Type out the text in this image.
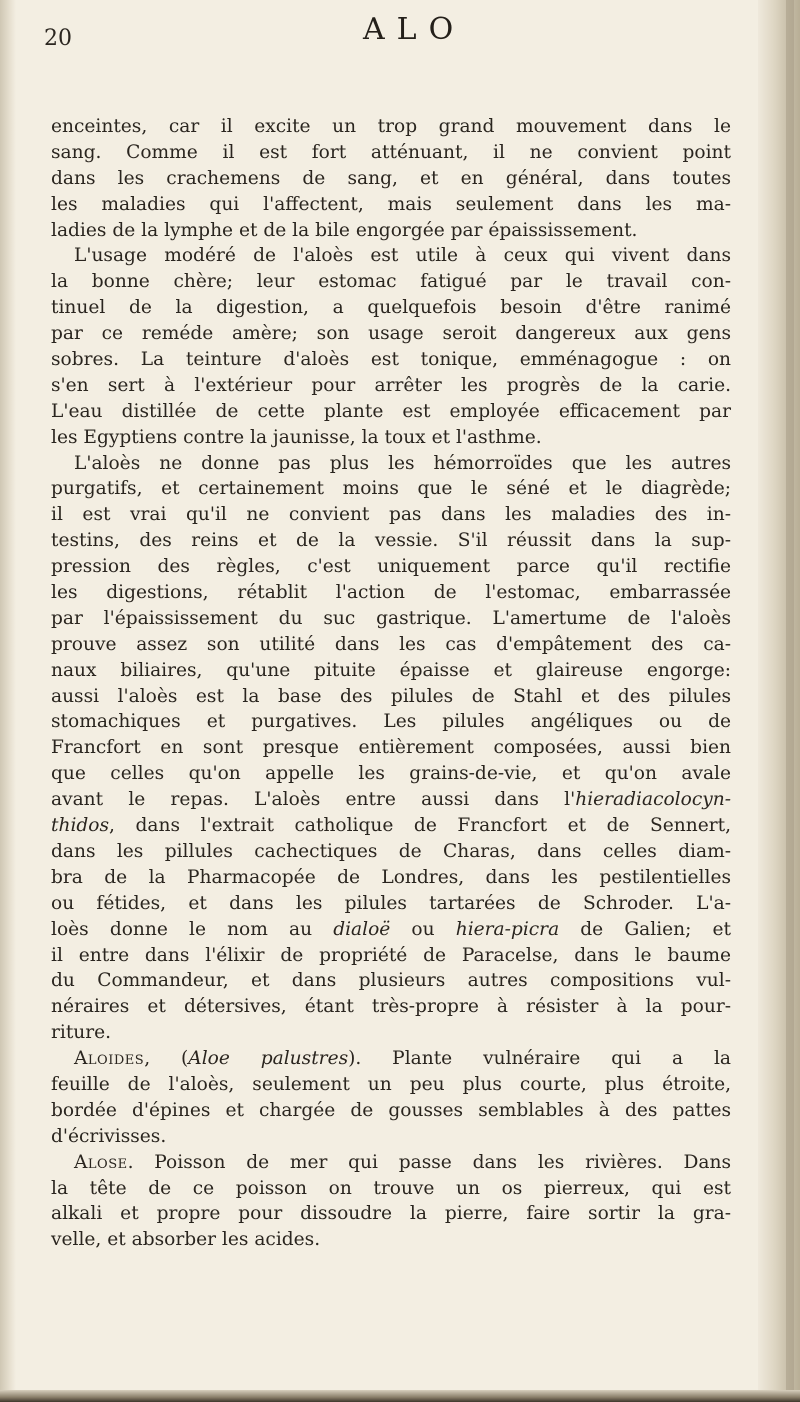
20	ALO
enceintes, car il excite un trop grand mouvement dans le
sang. Comme il est fort atténuant, il ne convient point
dans les crachemens de sang, et en général, dans toutes
les maladies qui l'affectent, mais seulement dans les ma-
ladies de la lymphe et de la bile engorgée par épaississement.
L'usage modéré de l'aloès est utile à ceux qui vivent dans
la bonne chère; leur estomac fatigué par le travail con-
tinuel de la digestion, a quelquefois besoin d'être ranimé
par ce reméde amère; son usage seroit dangereux aux gens
sobres. La teinture d'aloès est tonique, emménagogue : on
s'en sert à l'extérieur pour arrêter les progrès de la carie.
L'eau distillée de cette plante est employée efficacement par
les Egyptiens contre la jaunisse, la toux et l'asthme.
L'aloès ne donne pas plus les hémorroïdes que les autres
purgatifs, et certainement moins que le séné et le diagrède;
il est vrai qu'il ne convient pas dans les maladies des in-
testins, des reins et de la vessie. S'il réussit dans la sup-
pression des règles, c'est uniquement parce qu'il rectifie
les digestions, rétablit l'action de l'estomac, embarrassée
par l'épaississement du suc gastrique. L'amertume de l'aloès
prouve assez son utilité dans les cas d'empâtement des ca-
naux biliaires, qu'une pituite épaisse et glaireuse engorge:
aussi l'aloès est la base des pilules de Stahl et des pilules
stomachiques et purgatives. Les pilules angéliques ou de
Francfort en sont presque entièrement composées, aussi bien
que celles qu'on appelle les grains-de-vie, et qu'on avale
avant le repas. L'aloès entre aussi dans l'hieradiacolocyn-
thidos, dans l'extrait catholique de Francfort et de Sennert,
dans les pillules cachectiques de Charas, dans celles diam-
bra de la Pharmacopée de Londres, dans les pestilentielles
ou fétides, et dans les pilules tartarées de Schroder. L'a-
loès donne le nom au dialoë ou hiera-picra de Galien; et
il entre dans l'élixir de propriété de Paracelse, dans le baume
du Commandeur, et dans plusieurs autres compositions vul-
néraires et détersives, étant très-propre à résister à la pour-
riture.
Aloides, (Aloe palustres). Plante vulnéraire qui a la
feuille de l'aloès, seulement un peu plus courte, plus étroite,
bordée d'épines et chargée de gousses semblables à des pattes
d'écrivisses.
Alose. Poisson de mer qui passe dans les rivières. Dans
la tête de ce poisson on trouve un os pierreux, qui est
alkali et propre pour dissoudre la pierre, faire sortir la gra-
velle, et absorber les acides.
